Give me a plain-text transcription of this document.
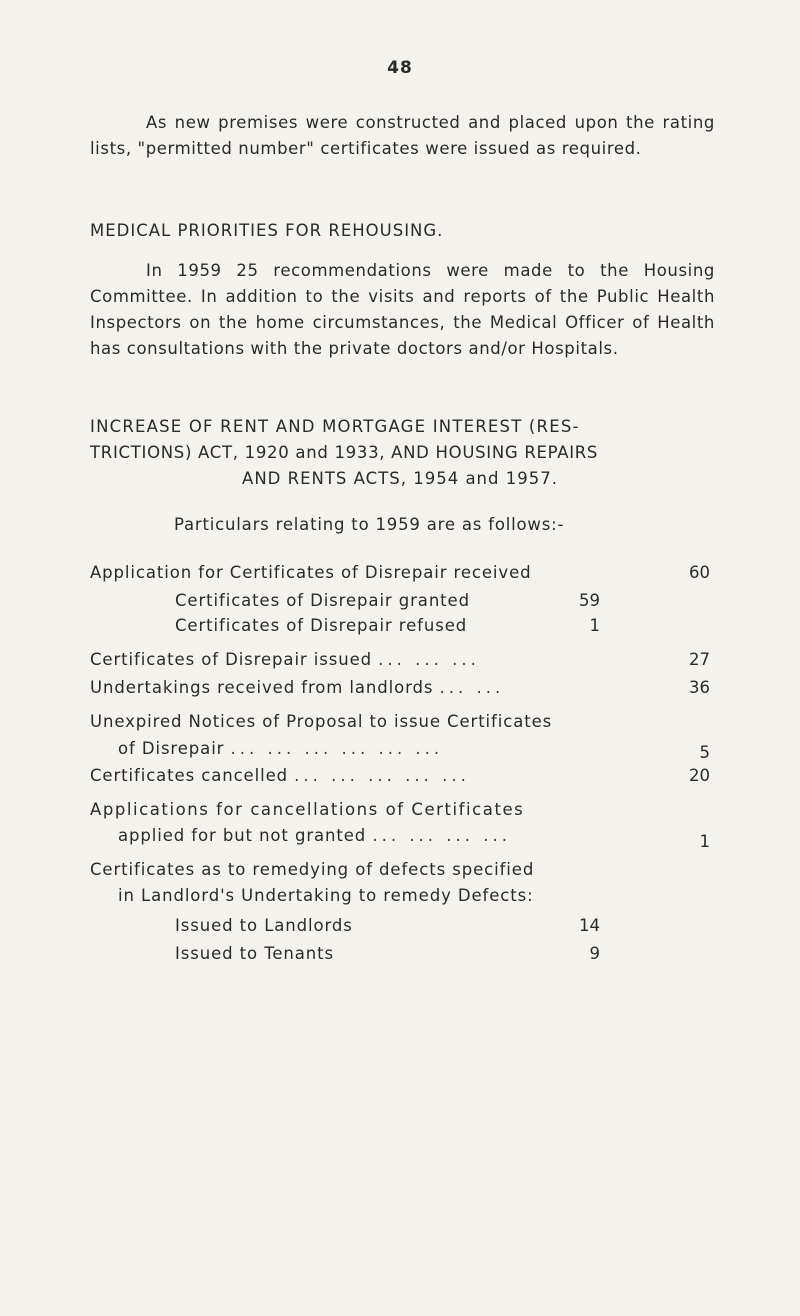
48

As new premises were constructed and placed upon the rating lists, "permitted number" certificates were issued as required.

MEDICAL PRIORITIES FOR REHOUSING.

In 1959 25 recommendations were made to the Housing Committee. In addition to the visits and reports of the Public Health Inspectors on the home circumstances, the Medical Officer of Health has consultations with the private doctors and/or Hospitals.

INCREASE OF RENT AND MORTGAGE INTEREST (RES-

TRICTIONS) ACT, 1920 and 1933, AND HOUSING REPAIRS

AND RENTS ACTS, 1954 and 1957.

Particulars relating to 1959 are as follows:-

Application for Certificates of Disrepair received	60
Certificates of Disrepair granted	59
Certificates of Disrepair refused	1
Certificates of Disrepair issued ... ... ...	27
Undertakings received from landlords ... ...	36
Unexpired Notices of Proposal to issue Certificates
of Disrepair ... ... ... ... ... ...	5
Certificates cancelled ... ... ... ... ...	20
Applications for cancellations of Certificates
applied for but not granted ... ... ... ...	1
Certificates as to remedying of defects specified
in Landlord's Undertaking to remedy Defects:
Issued to Landlords	14
Issued to Tenants	9
